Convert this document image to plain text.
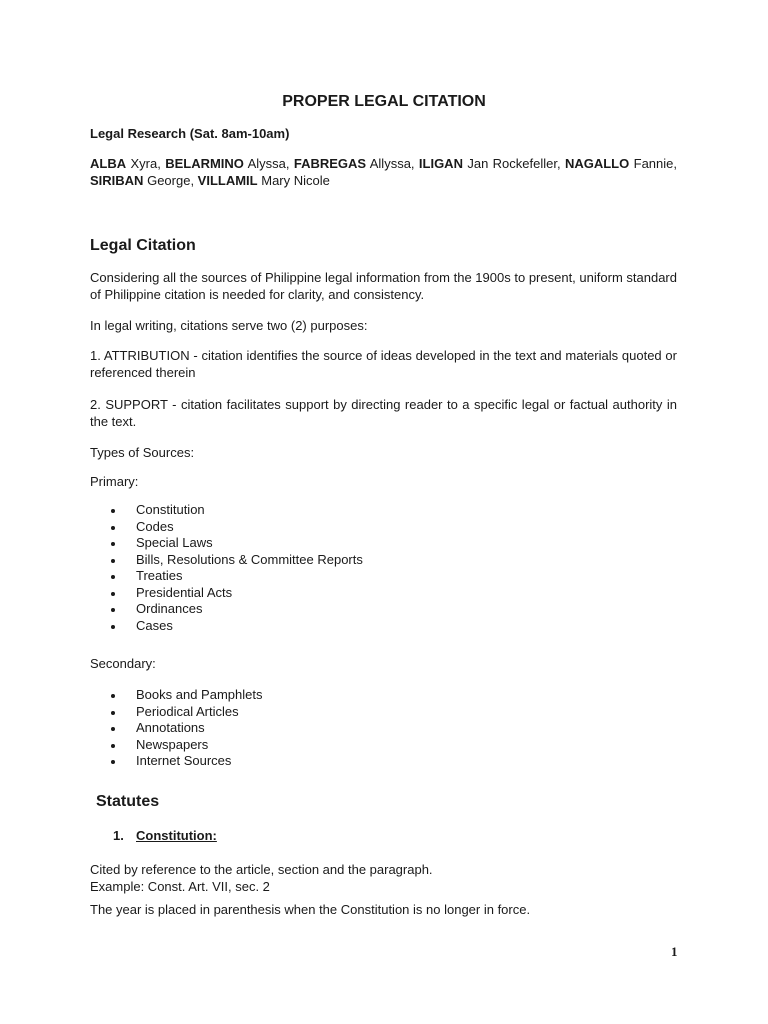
PROPER LEGAL CITATION
Legal Research (Sat. 8am-10am)
ALBA Xyra, BELARMINO Alyssa, FABREGAS Allyssa, ILIGAN Jan Rockefeller, NAGALLO Fannie, SIRIBAN George, VILLAMIL Mary Nicole
Legal Citation
Considering all the sources of Philippine legal information from the 1900s to present, uniform standard of Philippine citation is needed for clarity, and consistency.
In legal writing, citations serve two (2) purposes:
1. ATTRIBUTION - citation identifies the source of ideas developed in the text and materials quoted or referenced therein
2. SUPPORT - citation facilitates support by directing reader to a specific legal or factual authority in the text.
Types of Sources:
Primary:
Constitution
Codes
Special Laws
Bills, Resolutions & Committee Reports
Treaties
Presidential Acts
Ordinances
Cases
Secondary:
Books and Pamphlets
Periodical Articles
Annotations
Newspapers
Internet Sources
Statutes
1. Constitution:
Cited by reference to the article, section and the paragraph.
Example: Const. Art. VII, sec. 2
The year is placed in parenthesis when the Constitution is no longer in force.
1
